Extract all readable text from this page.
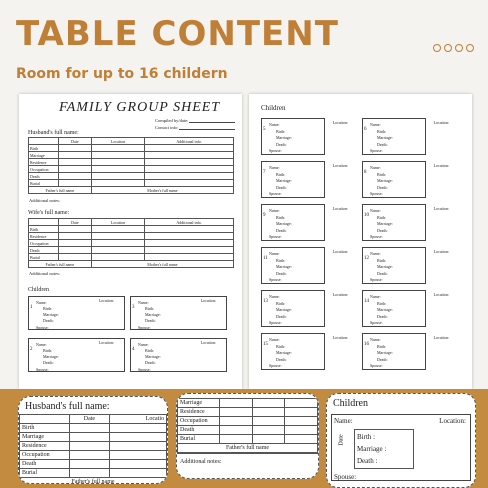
TABLE CONTENT
Room for up to 16 childern
FAMILY GROUP SHEET
Compiled by/date:
Contact info:
Husband's full name:
	Date	Location	Additional info.
Birth			
Marriage			
Residence			
Occupation			
Death			
Burial			
Father's full name		Mother's full name	
Additional notes:
Wife's full name:
	Date	Location	Additional info.
Birth			
Residence			
Occupation			
Death			
Burial			
Father's full name		Mother's full name	
Additional notes:
Children
1
Location:
Name:
Birth:
Marriage:
Death:
Spouse:
3
Location:
Name:
Birth:
Marriage:
Death:
Spouse:
2
Location:
Name:
Birth:
Marriage:
Death:
Spouse:
4
Location:
Name:
Birth:
Marriage:
Death:
Spouse:
Children
5
Location:
Name:
Birth:
Marriage:
Death:
Spouse:
6
Location:
Name:
Birth:
Marriage:
Death:
Spouse:
7
Location:
Name:
Birth:
Marriage:
Death:
Spouse:
8
Location:
Name:
Birth:
Marriage:
Death:
Spouse:
9
Location:
Name:
Birth:
Marriage:
Death:
Spouse:
10
Location:
Name:
Birth:
Marriage:
Death:
Spouse:
11
Location:
Name:
Birth:
Marriage:
Death:
Spouse:
12
Location:
Name:
Birth:
Marriage:
Death:
Spouse:
13
Location:
Name:
Birth:
Marriage:
Death:
Spouse:
14
Location:
Name:
Birth:
Marriage:
Death:
Spouse:
15
Location:
Name:
Birth:
Marriage:
Death:
Spouse:
16
Location:
Name:
Birth:
Marriage:
Death:
Spouse:
Husband's full name:
	Date	Locatio
Birth		
Marriage		
Residence		
Occupation		
Death		
Burial		
Father's full name		
Marriage			
Residence			
Occupation			
Death			
Burial			
Father's full name			
Additional notes:
Children
Location:
Name:
Date Birth :
Marriage :
Death :
Spouse:
